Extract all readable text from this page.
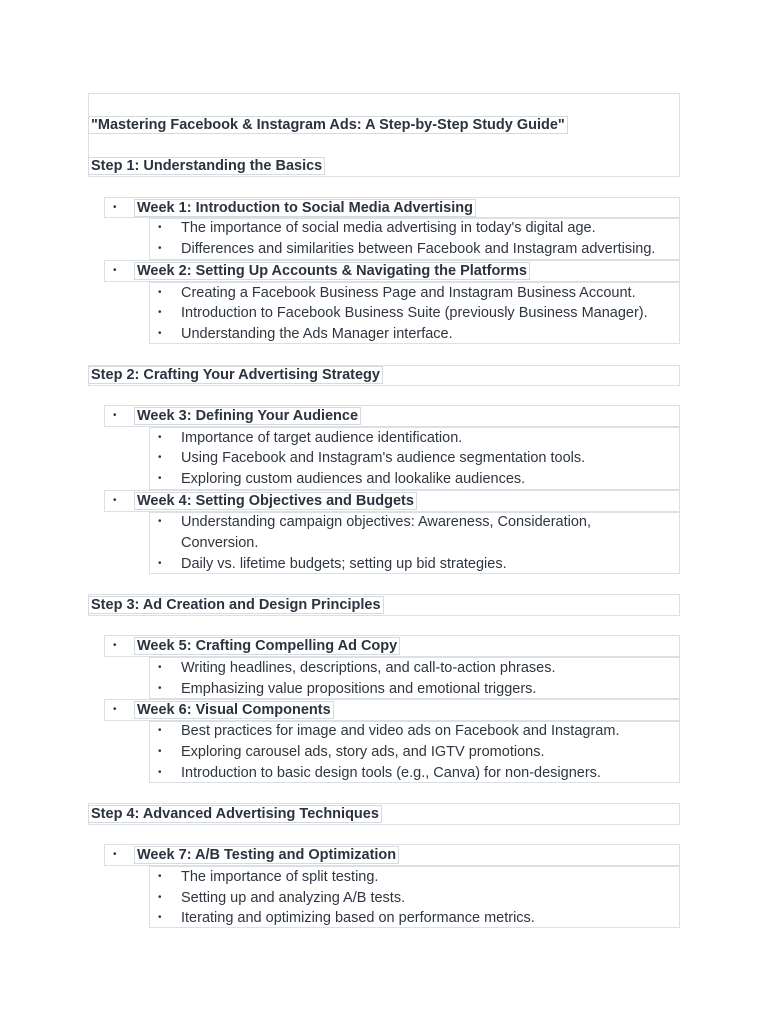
"Mastering Facebook & Instagram Ads: A Step-by-Step Study Guide"
Step 1: Understanding the Basics
• Week 1: Introduction to Social Media Advertising
• The importance of social media advertising in today's digital age.
• Differences and similarities between Facebook and Instagram advertising.
• Week 2: Setting Up Accounts & Navigating the Platforms
• Creating a Facebook Business Page and Instagram Business Account.
• Introduction to Facebook Business Suite (previously Business Manager).
• Understanding the Ads Manager interface.
Step 2: Crafting Your Advertising Strategy
• Week 3: Defining Your Audience
• Importance of target audience identification.
• Using Facebook and Instagram's audience segmentation tools.
• Exploring custom audiences and lookalike audiences.
• Week 4: Setting Objectives and Budgets
• Understanding campaign objectives: Awareness, Consideration,
Conversion.
• Daily vs. lifetime budgets; setting up bid strategies.
Step 3: Ad Creation and Design Principles
• Week 5: Crafting Compelling Ad Copy
• Writing headlines, descriptions, and call-to-action phrases.
• Emphasizing value propositions and emotional triggers.
• Week 6: Visual Components
• Best practices for image and video ads on Facebook and Instagram.
• Exploring carousel ads, story ads, and IGTV promotions.
• Introduction to basic design tools (e.g., Canva) for non-designers.
Step 4: Advanced Advertising Techniques
• Week 7: A/B Testing and Optimization
• The importance of split testing.
• Setting up and analyzing A/B tests.
• Iterating and optimizing based on performance metrics.
